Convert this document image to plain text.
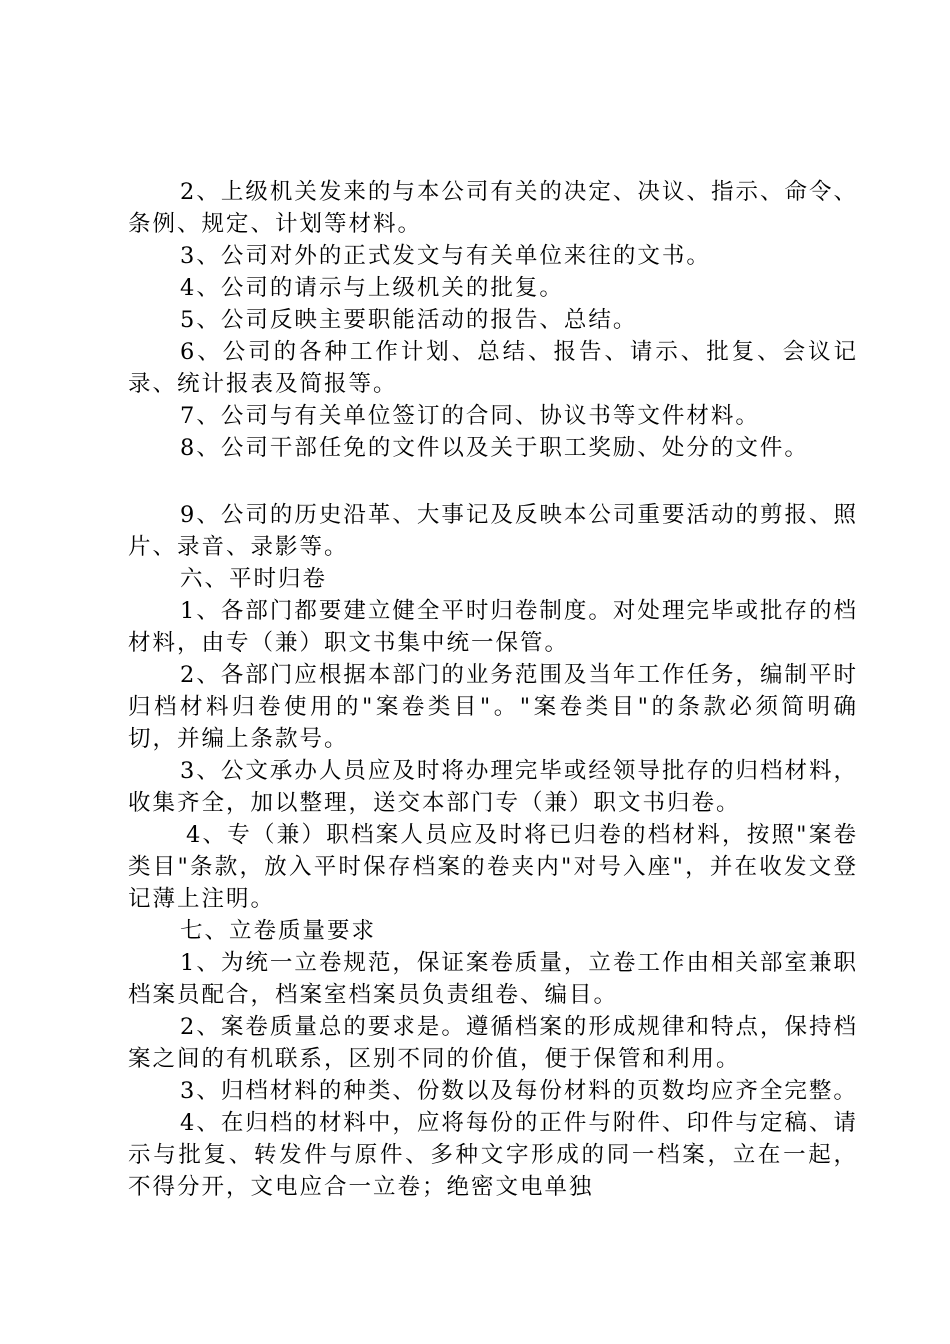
2、上级机关发来的与本公司有关的决定、决议、指示、命令、条例、规定、计划等材料。

3、公司对外的正式发文与有关单位来往的文书。

4、公司的请示与上级机关的批复。

5、公司反映主要职能活动的报告、总结。

6、公司的各种工作计划、总结、报告、请示、批复、会议记录、统计报表及简报等。

7、公司与有关单位签订的合同、协议书等文件材料。

8、公司干部任免的文件以及关于职工奖励、处分的文件。

9、公司的历史沿革、大事记及反映本公司重要活动的剪报、照片、录音、录影等。

六、平时归卷

1、各部门都要建立健全平时归卷制度。对处理完毕或批存的档材料，由专（兼）职文书集中统一保管。

2、各部门应根据本部门的业务范围及当年工作任务，编制平时归档材料归卷使用的"案卷类目"。"案卷类目"的条款必须简明确切，并编上条款号。

3、公文承办人员应及时将办理完毕或经领导批存的归档材料，收集齐全，加以整理，送交本部门专（兼）职文书归卷。

4、专（兼）职档案人员应及时将已归卷的档材料，按照"案卷类目"条款，放入平时保存档案的卷夹内"对号入座"，并在收发文登记薄上注明。

七、立卷质量要求

1、为统一立卷规范，保证案卷质量，立卷工作由相关部室兼职档案员配合，档案室档案员负责组卷、编目。

2、案卷质量总的要求是。遵循档案的形成规律和特点，保持档案之间的有机联系，区别不同的价值，便于保管和利用。

3、归档材料的种类、份数以及每份材料的页数均应齐全完整。

4、在归档的材料中，应将每份的正件与附件、印件与定稿、请示与批复、转发件与原件、多种文字形成的同一档案，立在一起，不得分开，文电应合一立卷；绝密文电单独
